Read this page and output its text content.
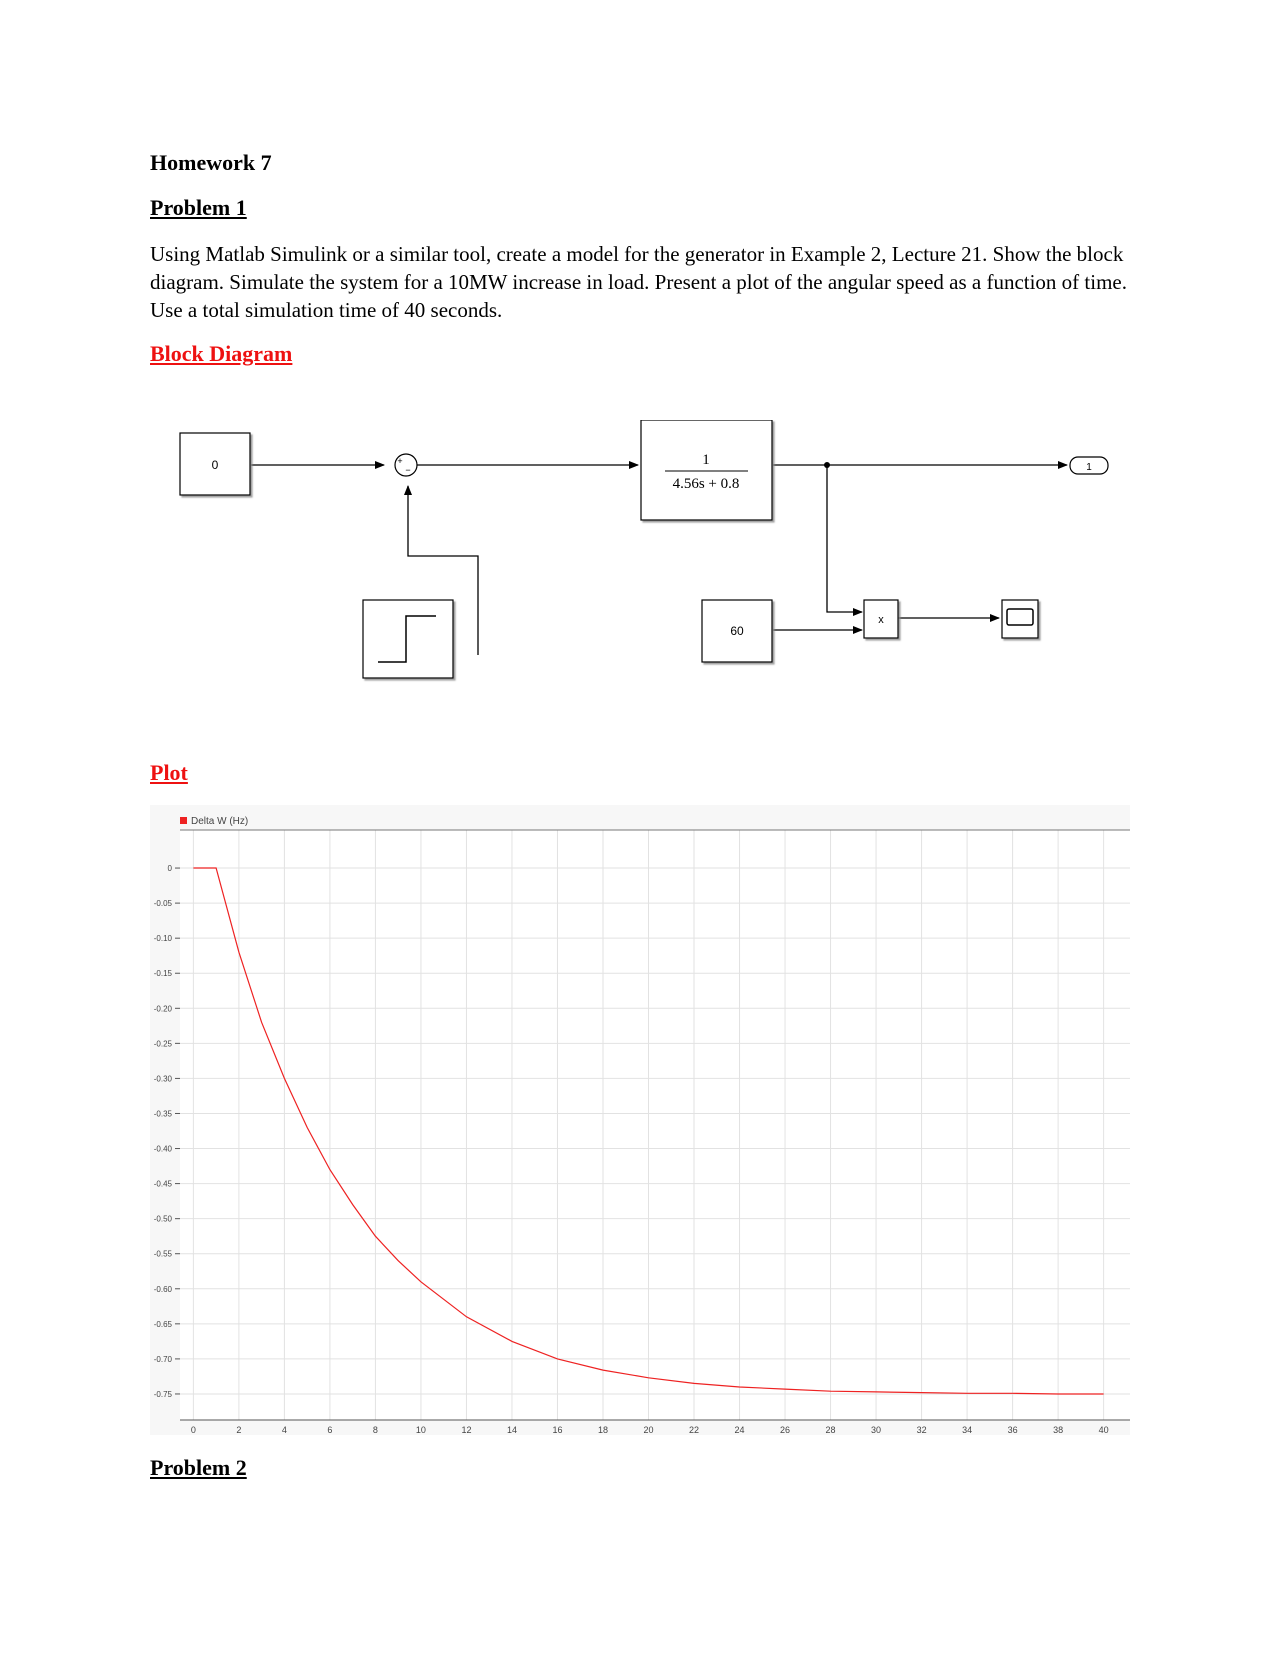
Homework 7
Problem 1
Using Matlab Simulink or a similar tool, create a model for the generator in Example 2, Lecture 21. Show the block diagram. Simulate the system for a 10MW increase in load. Present a plot of the angular speed as a function of time. Use a total simulation time of 40 seconds.
Block Diagram
0	+
−
1
4.56s + 0.8
60
x
1
Plot
0
-0.05
-0.10
-0.15
-0.20
-0.25
-0.30
-0.35
-0.40
-0.45
-0.50
-0.55
-0.60
-0.65
-0.70
-0.75
0	2	4	6	8	10	12	14	16	18	20	22	24	26	28	30	32	34	36	38	40
Delta W (Hz)
Problem 2
